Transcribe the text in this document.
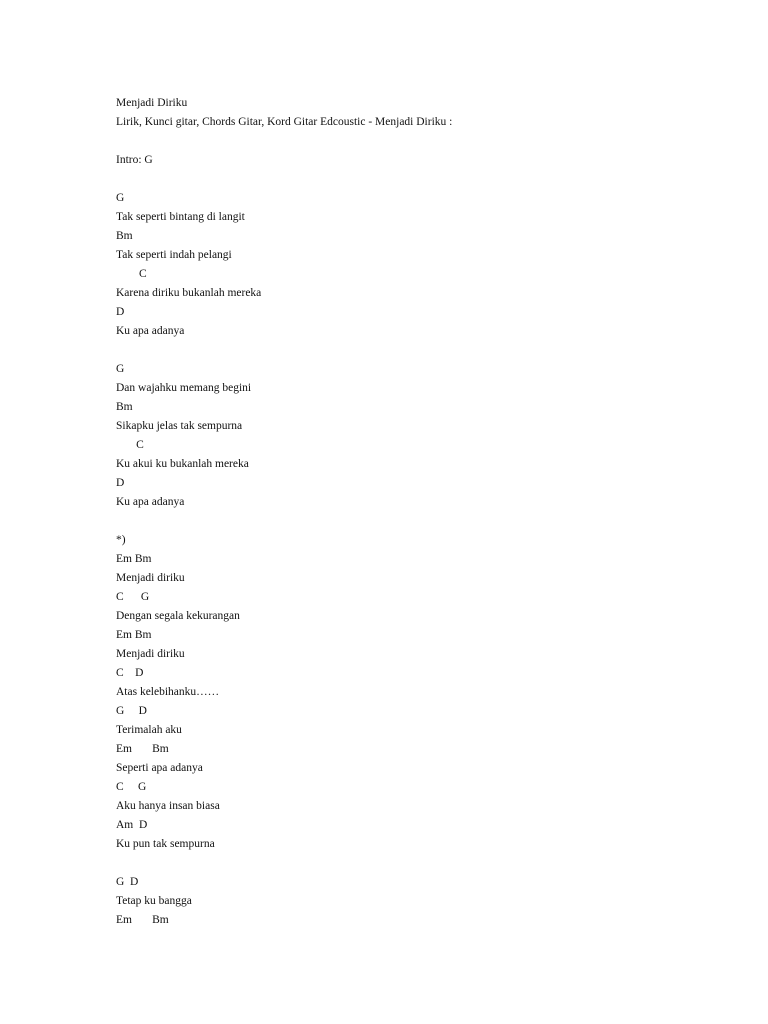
Menjadi Diriku
Lirik, Kunci gitar, Chords Gitar, Kord Gitar Edcoustic - Menjadi Diriku :
Intro: G
G
Tak seperti bintang di langit
Bm
Tak seperti indah pelangi
C
Karena diriku bukanlah mereka
D
Ku apa adanya
G
Dan wajahku memang begini
Bm
Sikapku jelas tak sempurna
C
Ku akui ku bukanlah mereka
D
Ku apa adanya
*)
Em Bm
Menjadi diriku
C      G
Dengan segala kekurangan
Em Bm
Menjadi diriku
C    D
Atas kelebihanku……
G     D
Terimalah aku
Em       Bm
Seperti apa adanya
C     G
Aku hanya insan biasa
Am  D
Ku pun tak sempurna
G  D
Tetap ku bangga
Em       Bm
